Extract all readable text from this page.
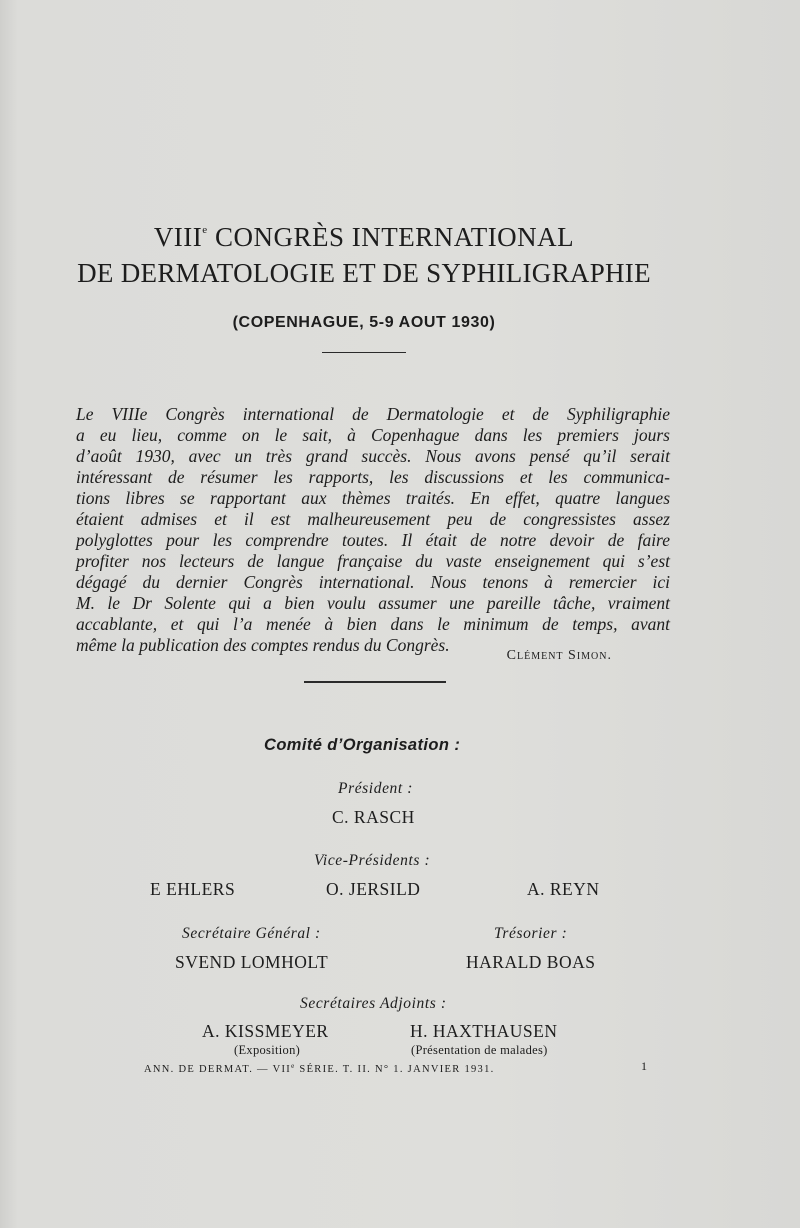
VIIIe CONGRÈS INTERNATIONAL
DE DERMATOLOGIE ET DE SYPHILIGRAPHIE
(COPENHAGUE, 5-9 AOUT 1930)
Le VIIIe Congrès international de Dermatologie et de Syphiligraphie
a eu lieu, comme on le sait, à Copenhague dans les premiers jours
d’août 1930, avec un très grand succès. Nous avons pensé qu’il serait
intéressant de résumer les rapports, les discussions et les communica-
tions libres se rapportant aux thèmes traités. En effet, quatre langues
étaient admises et il est malheureusement peu de congressistes assez
polyglottes pour les comprendre toutes. Il était de notre devoir de faire
profiter nos lecteurs de langue française du vaste enseignement qui s’est
dégagé du dernier Congrès international. Nous tenons à remercier ici
M. le Dr Solente qui a bien voulu assumer une pareille tâche, vraiment
accablante, et qui l’a menée à bien dans le minimum de temps, avant
même la publication des comptes rendus du Congrès.
Clément Simon.
Comité d’Organisation :
Président :
C. RASCH
Vice-Présidents :
E EHLERS	O. JERSILD	A. REYN
Secrétaire Général :	Trésorier :
SVEND LOMHOLT	HARALD BOAS
Secrétaires Adjoints :
A. KISSMEYER	H. HAXTHAUSEN
(Exposition)	(Présentation de malades)
ANN. DE DERMAT. — VIIe SÉRIE. T. II. N° 1. JANVIER 1931.	1
